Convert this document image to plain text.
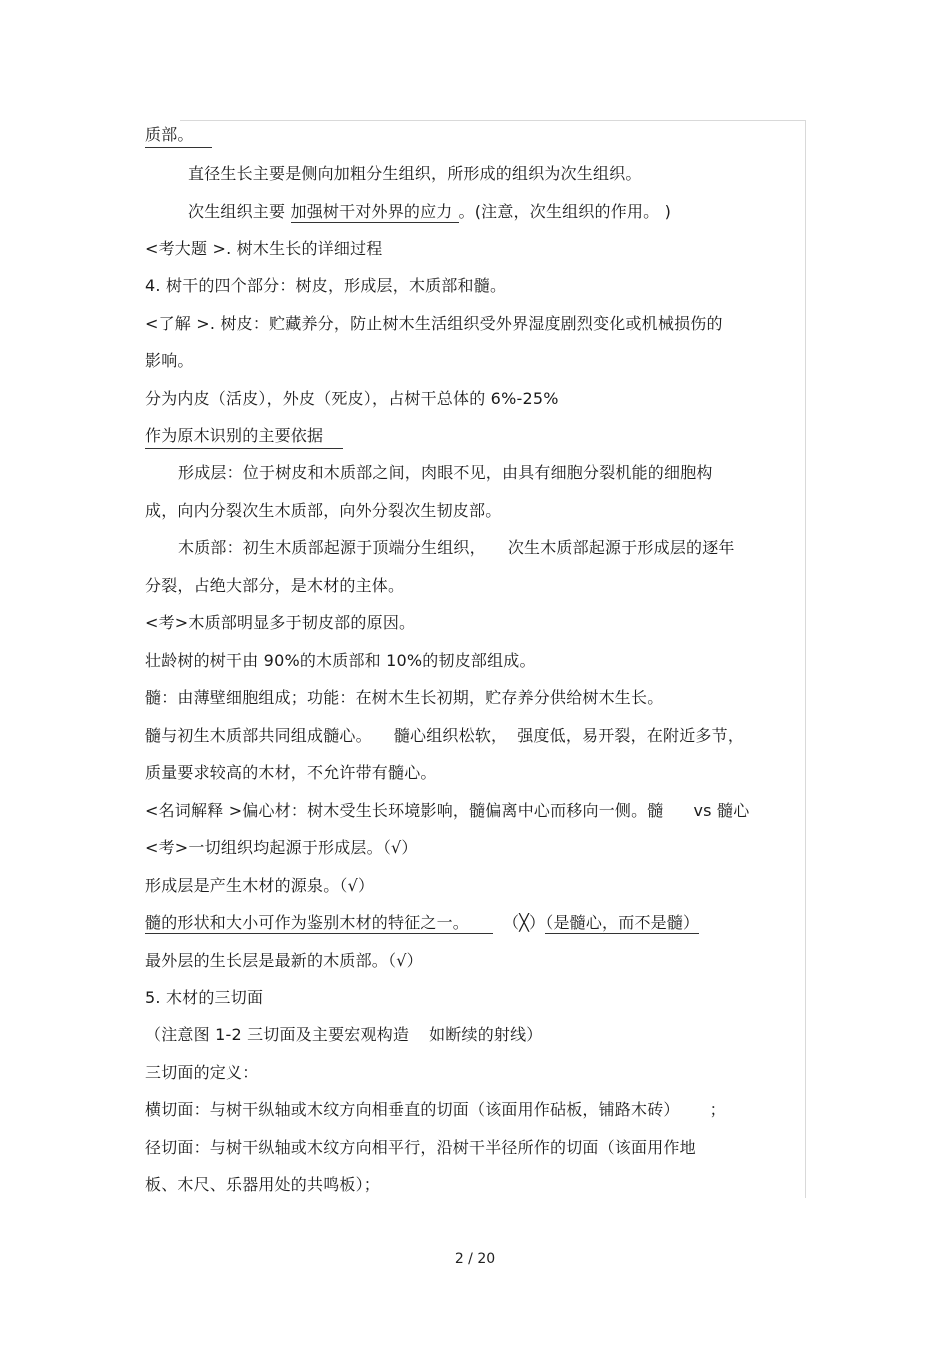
质部。
直径生长主要是侧向加粗分生组织，所形成的组织为次生组织。
次生组织主要 加强树干对外界的应力 。(注意，次生组织的作用。 )
<考大题 >. 树木生长的详细过程
4. 树干的四个部分：树皮，形成层，木质部和髓。
<了解 >. 树皮：贮藏养分，防止树木生活组织受外界湿度剧烈变化或机械损伤的
影响。
分为内皮（活皮），外皮（死皮），占树干总体的 6%-25%
作为原木识别的主要依据
形成层：位于树皮和木质部之间，肉眼不见，由具有细胞分裂机能的细胞构
成，向内分裂次生木质部，向外分裂次生韧皮部。
木质部：初生木质部起源于顶端分生组织， 次生木质部起源于形成层的逐年
分裂，占绝大部分，是木材的主体。
<考>木质部明显多于韧皮部的原因。
壮龄树的树干由 90%的木质部和 10%的韧皮部组成。
髓：由薄壁细胞组成；功能：在树木生长初期，贮存养分供给树木生长。
髓与初生木质部共同组成髓心。 髓心组织松软， 强度低，易开裂，在附近多节，
质量要求较高的木材，不允许带有髓心。
<名词解释 >偏心材：树木受生长环境影响，髓偏离中心而移向一侧。髓 vs 髓心
<考>一切组织均起源于形成层。（√）
形成层是产生木材的源泉。（√）
髓的形状和大小可作为鉴别木材的特征之一。 （╳）（是髓心，而不是髓）
最外层的生长层是最新的木质部。（√）
5. 木材的三切面
（注意图 1-2 三切面及主要宏观构造 如断续的射线）
三切面的定义：
横切面：与树干纵轴或木纹方向相垂直的切面（该面用作砧板，铺路木砖） ；
径切面：与树干纵轴或木纹方向相平行，沿树干半径所作的切面（该面用作地
板、木尺、乐器用处的共鸣板）；
2 / 20
